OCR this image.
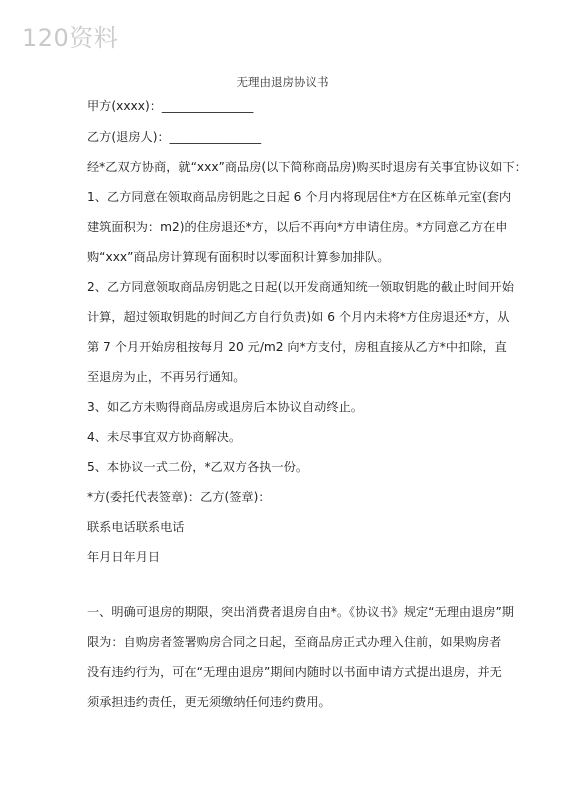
120资料
无理由退房协议书
甲方(xxxx)：_______________
乙方(退房人)：_______________
经*乙双方协商，就“xxx”商品房(以下简称商品房)购买时退房有关事宜协议如下：
1、乙方同意在领取商品房钥匙之日起 6 个月内将现居住*方在区栋单元室(套内
建筑面积为：m2)的住房退还*方，以后不再向*方申请住房。*方同意乙方在申
购“xxx”商品房计算现有面积时以零面积计算参加排队。
2、乙方同意领取商品房钥匙之日起(以开发商通知统一领取钥匙的截止时间开始
计算，超过领取钥匙的时间乙方自行负责)如 6 个月内未将*方住房退还*方，从
第 7 个月开始房租按每月 20 元/m2 向*方支付，房租直接从乙方*中扣除，直
至退房为止，不再另行通知。
3、如乙方未购得商品房或退房后本协议自动终止。
4、未尽事宜双方协商解决。
5、本协议一式二份，*乙双方各执一份。
*方(委托代表签章)：乙方(签章)：
联系电话联系电话
年月日年月日
一、明确可退房的期限，突出消费者退房自由*。《协议书》规定“无理由退房”期
限为：自购房者签署购房合同之日起，至商品房正式办理入住前，如果购房者
没有违约行为，可在“无理由退房”期间内随时以书面申请方式提出退房，并无
须承担违约责任，更无须缴纳任何违约费用。
